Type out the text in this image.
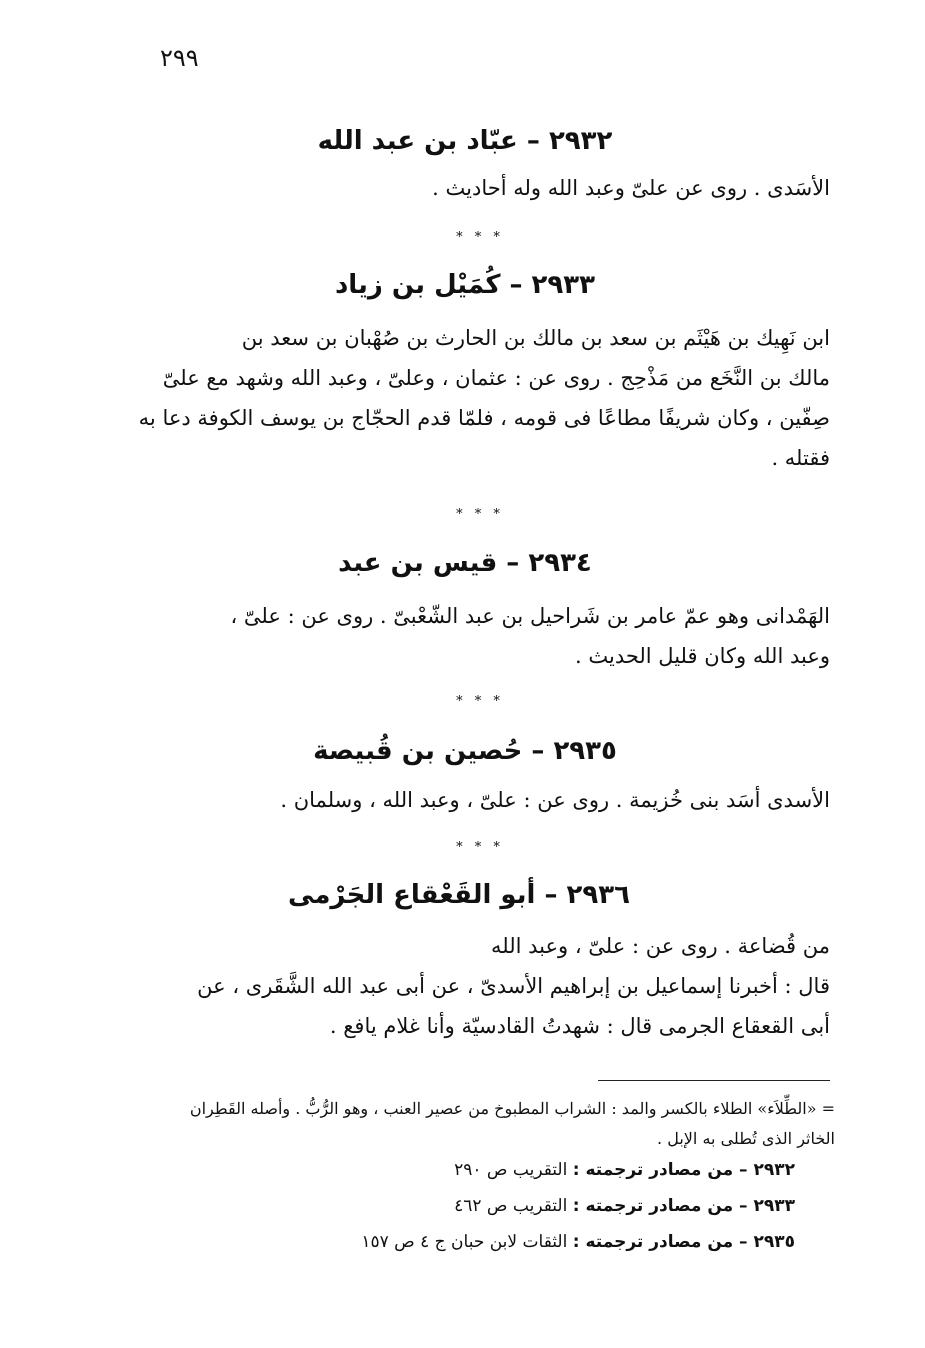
٢٩٩
٢٩٣٢ – عبّاد بن عبد الله
الأسَدى . روى عن علىّ وعبد الله وله أحاديث .
* * *
٢٩٣٣ – كُمَيْل بن زياد
ابن نَهِيك بن هَيْثَم بن سعد بن مالك بن الحارث بن صُهْبان بن سعد بن
مالك بن النَّخَع من مَذْحِج . روى عن : عثمان ، وعلىّ ، وعبد الله وشهد مع علىّ
صِفّين ، وكان شريفًا مطاعًا فى قومه ، فلمّا قدم الحجّاج بن يوسف الكوفة دعا به
فقتله .
* * *
٢٩٣٤ – قيس بن عبد
الهَمْدانى وهو عمّ عامر بن شَراحيل بن عبد الشّعْبىّ . روى عن : علىّ ،
وعبد الله وكان قليل الحديث .
* * *
٢٩٣٥ – حُصين بن قُبيصة
الأسدى أسَد بنى خُزيمة . روى عن : علىّ ، وعبد الله ، وسلمان .
* * *
٢٩٣٦ – أبو القَعْقاع الجَرْمى
من قُضاعة . روى عن : علىّ ، وعبد الله
قال : أخبرنا إسماعيل بن إبراهيم الأسدىّ ، عن أبى عبد الله الشَّقَرى ، عن
أبى القعقاع الجرمى قال : شهدتُ القادسيّة وأنا غلام يافع .
= «الطِّلاَء» الطلاء بالكسر والمد : الشراب المطبوخ من عصير العنب ، وهو الرُّبُّ . وأصله القَطِران
الخاثر الذى تُطلى به الإبل .
٢٩٣٢ – من مصادر ترجمته : التقريب ص ٢٩٠
٢٩٣٣ – من مصادر ترجمته : التقريب ص ٤٦٢
٢٩٣٥ – من مصادر ترجمته : الثقات لابن حبان ج ٤ ص ١٥٧
